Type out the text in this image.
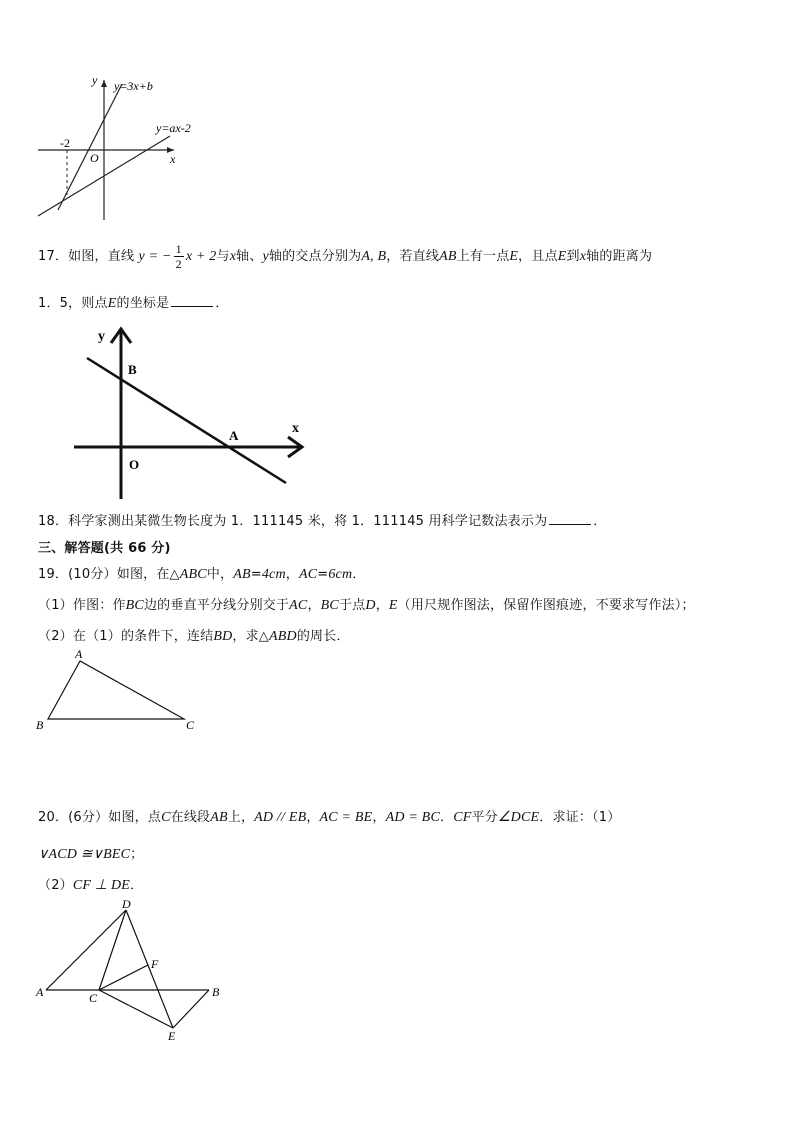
y
x
O
-2
y=3x+b
y=ax-2
17．如图，直线 y = − $\frac{1}{2}$ x + 2与x轴、y轴的交点分别为A, B，若直线AB上有一点E，且点E到x轴的距离为
1．5，则点E的坐标是	．
y
x
B
A
O
18．科学家测出某微生物长度为 1．111145 米，将 1．111145 用科学记数法表示为	．
三、解答题(共 66 分)
19．(10分）如图，在△ABC中，AB=4cm，AC=6cm．
（1）作图：作BC边的垂直平分线分别交于AC，BC于点D，E（用尺规作图法，保留作图痕迹，不要求写作法）；
（2）在（1）的条件下，连结BD，求△ABD的周长．
A
B	C
20．(6分）如图，点C在线段AB上，AD // EB，AC = BE，AD = BC．CF平分∠DCE．求证：（1）
∨ACD ≅∨BEC；
（2）CF ⊥ DE．
D
F
A	C	B
E
